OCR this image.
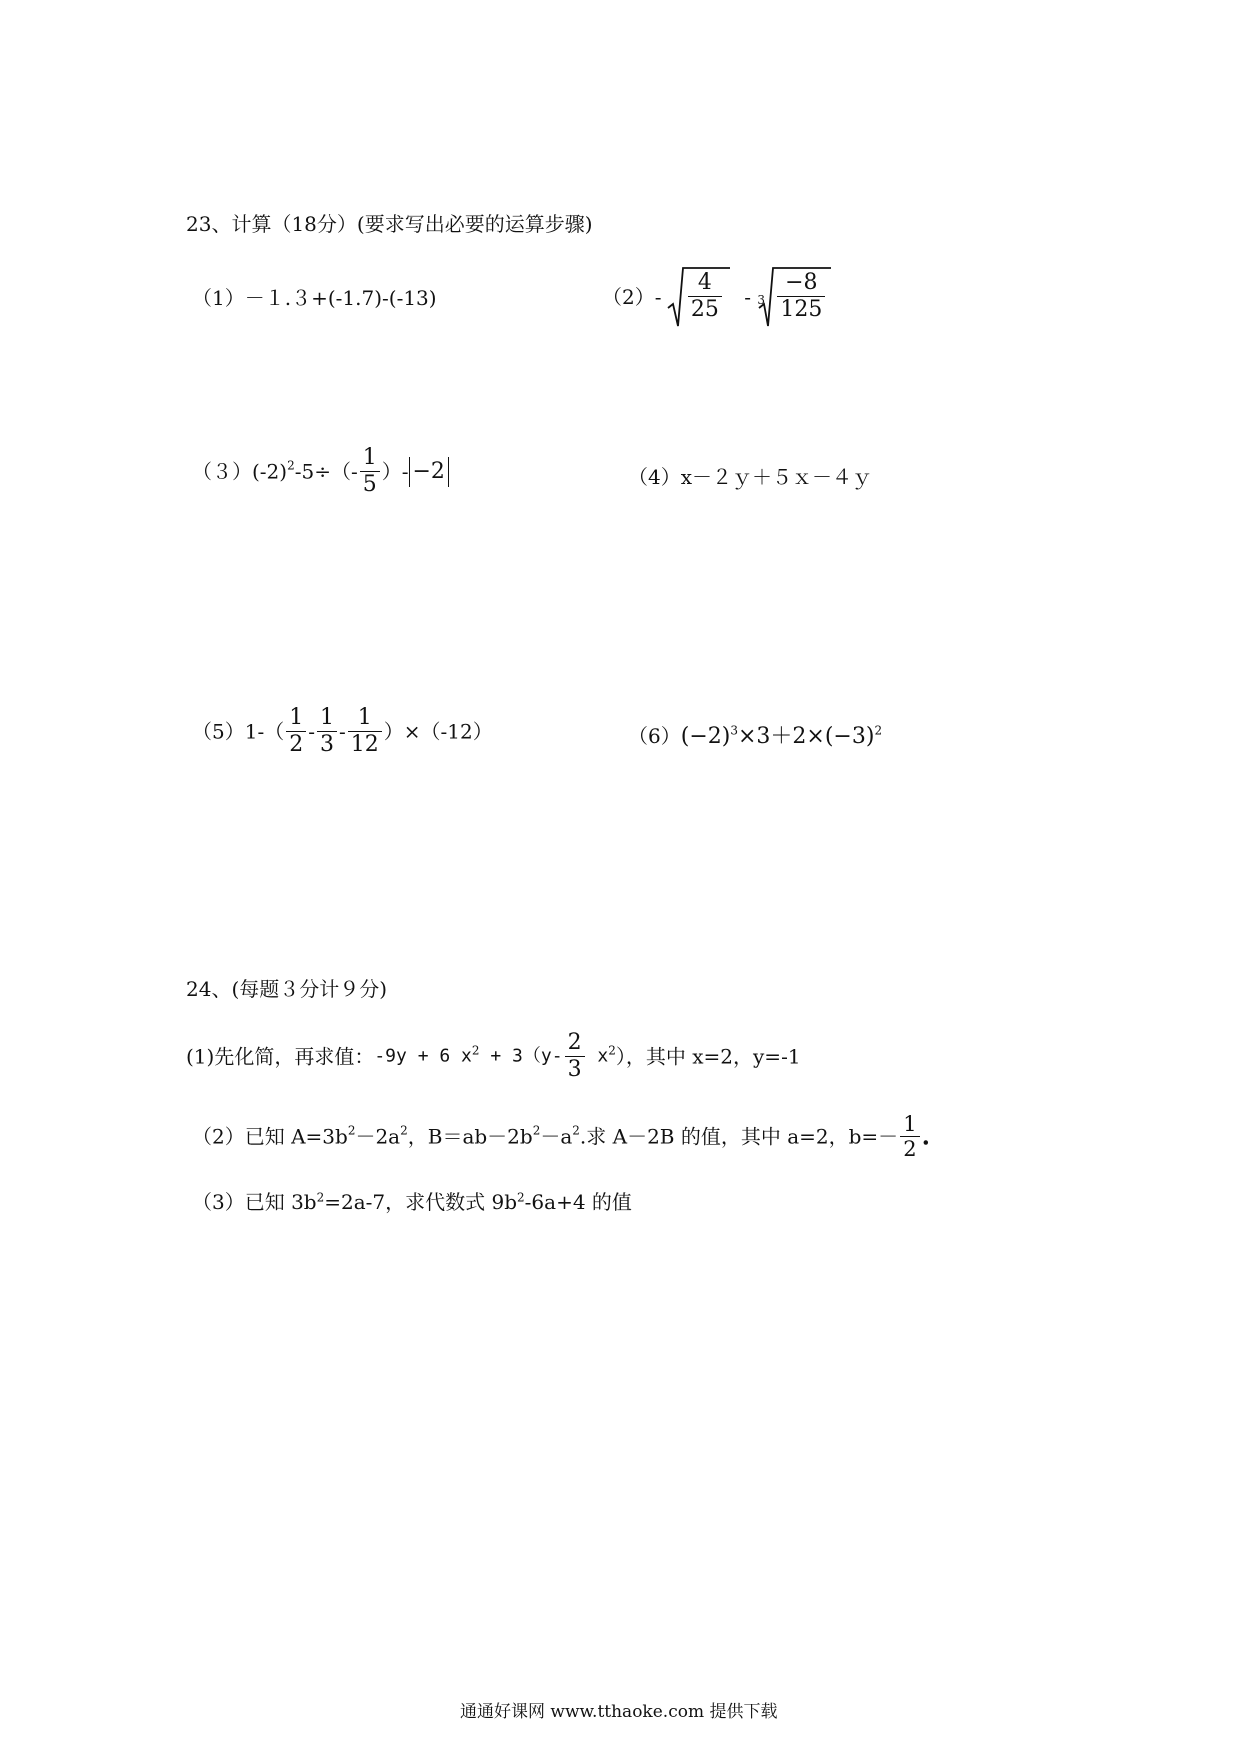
23、计算（18分）(要求写出必要的运算步骤)
（1）－１.３+(-1.7)-(-13)	$(2)- \frac{4}{25} - 3 \frac{-8}{125}$
$(3)(-2)^2-5\div(- \frac{1}{5}$ ）- −2	（4）x－２ｙ＋５ｘ－４ｙ
$(5)1-( \frac{1}{2} - \frac{1}{3} - \frac{1}{12} )\times(-12)$	$(6)(-2)^3\times 3+2\times(-3)^2$
24、(每题３分计９分)
(1)先化简，再求值：-9y + 6 $x^2 + 3(y- \frac{2}{3} x^2)$，其中 x=2，y=-1
（2）已知 $A=3b^2-2a^2$，$B=ab-2b^2-a^2$.求 A－2B 的值，其中 a=2，$b=- \frac{1}{2}$ .
（3）已知 $3b^2=2a-7$，求代数式 $9b^2-6a+4$ 的值
通通好课网 www.tthaoke.com 提供下载
